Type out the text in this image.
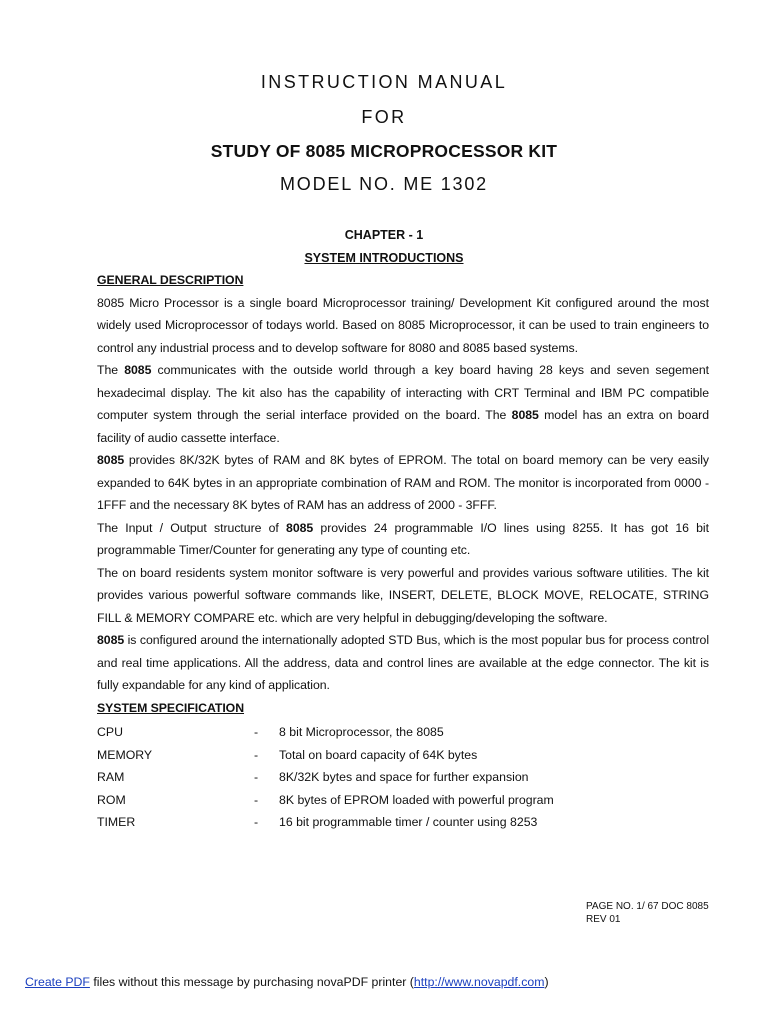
INSTRUCTION MANUAL
FOR
STUDY OF 8085 MICROPROCESSOR KIT
MODEL NO. ME 1302
CHAPTER - 1
SYSTEM INTRODUCTIONS
GENERAL DESCRIPTION
8085 Micro Processor is a single board Microprocessor training/ Development Kit configured around the most widely used Microprocessor of todays world. Based on 8085 Microprocessor, it can be used to train engineers to control any industrial process and to develop software for 8080 and 8085 based systems.
The 8085 communicates with the outside world through a key board having 28 keys and seven segement hexadecimal display. The kit also has the capability of interacting with CRT Terminal and IBM PC compatible computer system through the serial interface provided on the board. The 8085 model has an extra on board facility of audio cassette interface.
8085 provides 8K/32K bytes of RAM and 8K bytes of EPROM. The total on board memory can be very easily expanded to 64K bytes in an appropriate combination of RAM and ROM. The monitor is incorporated from 0000 - 1FFF and the necessary 8K bytes of RAM has an address of 2000 - 3FFF.
The Input / Output structure of 8085 provides 24 programmable I/O lines using 8255. It has got 16 bit programmable Timer/Counter for generating any type of counting etc.
The on board residents system monitor software is very powerful and provides various software utilities. The kit provides various powerful software commands like, INSERT, DELETE, BLOCK MOVE, RELOCATE, STRING FILL & MEMORY COMPARE etc. which are very helpful in debugging/developing the software.
8085 is configured around the internationally adopted STD Bus, which is the most popular bus for process control and real time applications. All the address, data and control lines are available at the edge connector. The kit is fully expandable for any kind of application.
SYSTEM SPECIFICATION
CPU	- 8 bit Microprocessor, the 8085
MEMORY	- Total on board capacity of 64K bytes
RAM	- 8K/32K bytes and space for further expansion
ROM	- 8K bytes of EPROM loaded with powerful program
TIMER	- 16 bit programmable timer / counter using 8253
PAGE NO. 1/ 67 DOC 8085
REV 01
Create PDF files without this message by purchasing novaPDF printer (http://www.novapdf.com)
